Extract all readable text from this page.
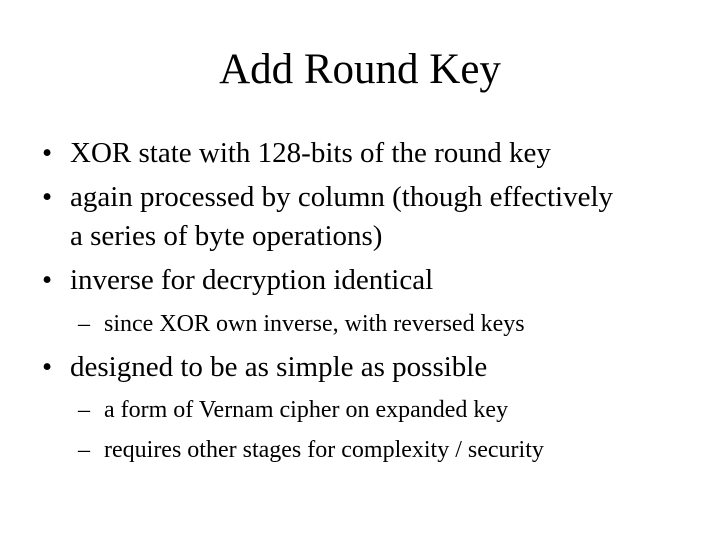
Add Round Key
• XOR state with 128-bits of the round key
• again processed by column (though effectively
a series of byte operations)
• inverse for decryption identical
– since XOR own inverse, with reversed keys
• designed to be as simple as possible
– a form of Vernam cipher on expanded key
– requires other stages for complexity / security
